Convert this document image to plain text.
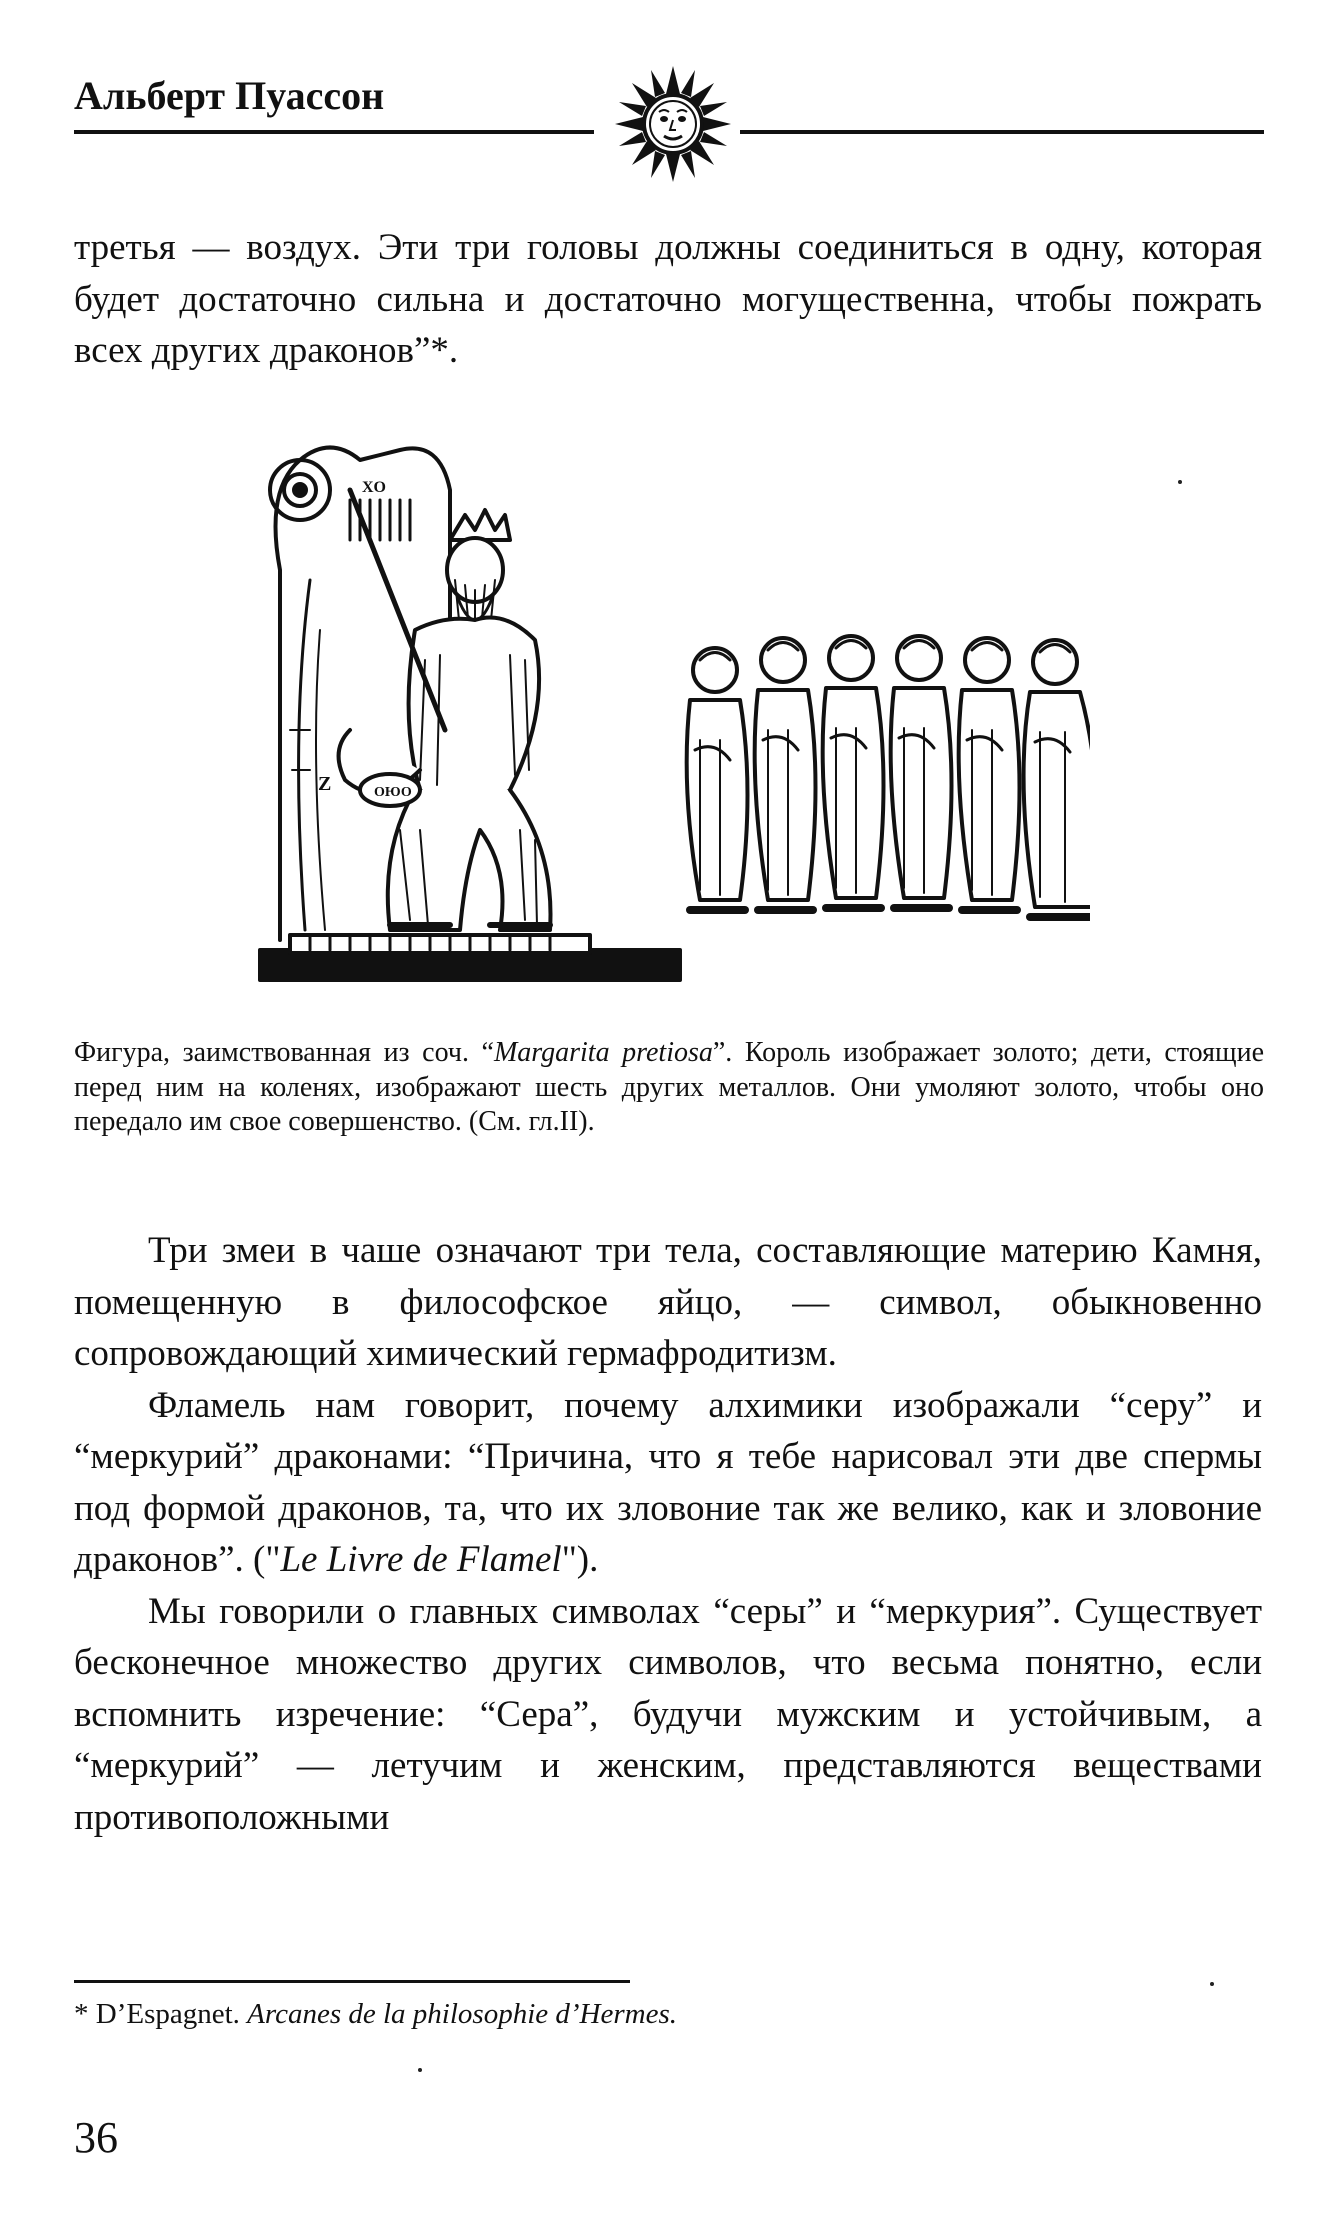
Альберт Пуассон

третья — воздух. Эти три головы должны соединиться в одну, которая будет достаточно сильна и достаточно могущественна, чтобы пожрать всех других драконов”*.

XO
ОЮО
Z
Фигура, заимствованная из соч. “Margarita pretiosa”. Король изображает золото; дети, стоящие перед ним на коленях, изображают шесть других металлов. Они умоляют золото, чтобы оно передало им свое совершенство. (См. гл.II).

Три змеи в чаше означают три тела, составляющие материю Камня, помещенную в философское яйцо, — символ, обыкновенно сопровождающий химический гермафродитизм.

Фламель нам говорит, почему алхимики изображали “серу” и “меркурий” драконами: “Причина, что я тебе нарисовал эти две спермы под формой драконов, та, что их зловоние так же велико, как и зловоние драконов”. ("Le Livre de Flamel").

Мы говорили о главных символах “серы” и “меркурия”. Существует бесконечное множество других символов, что весьма понятно, если вспомнить изречение: “Сера”, будучи мужским и устойчивым, а “меркурий” — летучим и женским, представляются веществами противоположными

* D’Espagnet. Arcanes de la philosophie d’Hermes.
36
